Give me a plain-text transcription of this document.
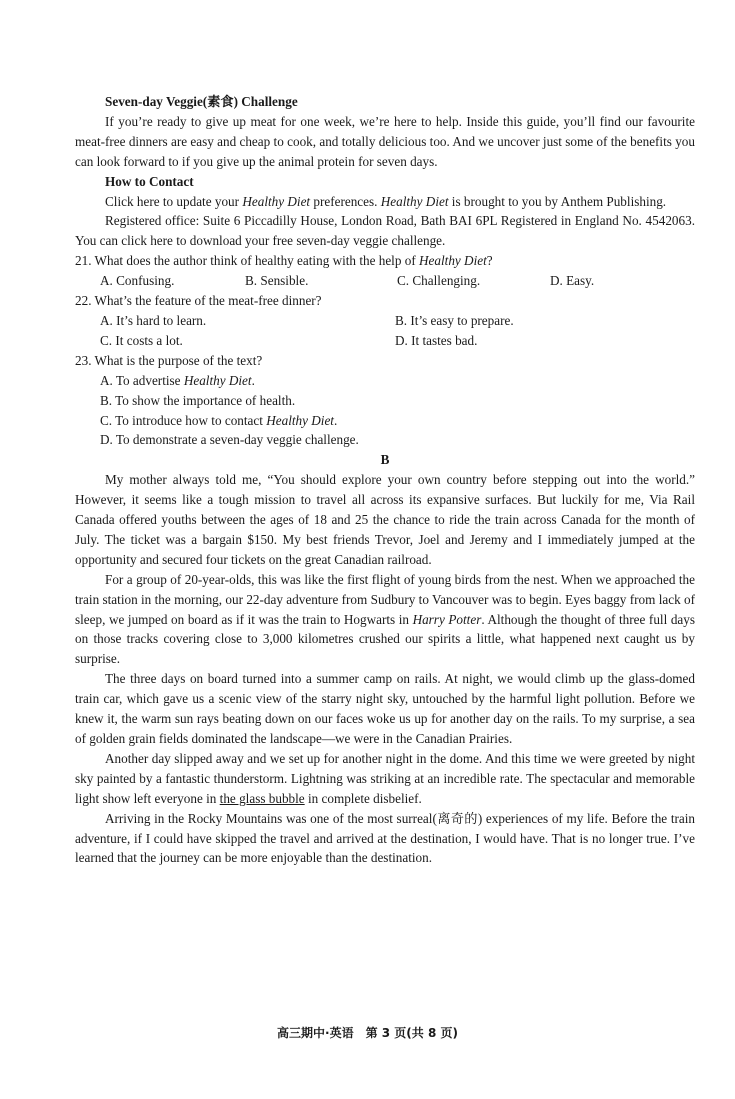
Seven-day Veggie(素食) Challenge

If you’re ready to give up meat for one week, we’re here to help. Inside this guide, you’ll find our favourite meat-free dinners are easy and cheap to cook, and totally delicious too. And we uncover just some of the benefits you can look forward to if you give up the animal protein for seven days.

How to Contact

Click here to update your Healthy Diet preferences. Healthy Diet is brought to you by Anthem Publishing.

Registered office: Suite 6 Piccadilly House, London Road, Bath BAI 6PL Registered in England No. 4542063. You can click here to download your free seven-day veggie challenge.

21. What does the author think of healthy eating with the help of Healthy Diet?

A. Confusing.	B. Sensible.	C. Challenging.	D. Easy.

22. What’s the feature of the meat-free dinner?

A. It’s hard to learn.	B. It’s easy to prepare.
C. It costs a lot.	D. It tastes bad.

23. What is the purpose of the text?

A. To advertise Healthy Diet.

B. To show the importance of health.

C. To introduce how to contact Healthy Diet.

D. To demonstrate a seven-day veggie challenge.

B

My mother always told me, “You should explore your own country before stepping out into the world.” However, it seems like a tough mission to travel all across its expansive surfaces. But luckily for me, Via Rail Canada offered youths between the ages of 18 and 25 the chance to ride the train across Canada for the month of July. The ticket was a bargain $150. My best friends Trevor, Joel and Jeremy and I immediately jumped at the opportunity and secured four tickets on the great Canadian railroad.

For a group of 20-year-olds, this was like the first flight of young birds from the nest. When we approached the train station in the morning, our 22-day adventure from Sudbury to Vancouver was to begin. Eyes baggy from lack of sleep, we jumped on board as if it was the train to Hogwarts in Harry Potter. Although the thought of three full days on those tracks covering close to 3,000 kilometres crushed our spirits a little, what happened next caught us by surprise.

The three days on board turned into a summer camp on rails. At night, we would climb up the glass-domed train car, which gave us a scenic view of the starry night sky, untouched by the harmful light pollution. Before we knew it, the warm sun rays beating down on our faces woke us up for another day on the rails. To my surprise, a sea of golden grain fields dominated the landscape—we were in the Canadian Prairies.

Another day slipped away and we set up for another night in the dome. And this time we were greeted by night sky painted by a fantastic thunderstorm. Lightning was striking at an incredible rate. The spectacular and memorable light show left everyone in the glass bubble in complete disbelief.

Arriving in the Rocky Mountains was one of the most surreal(离奇的) experiences of my life. Before the train adventure, if I could have skipped the travel and arrived at the destination, I would have. That is no longer true. I’ve learned that the journey can be more enjoyable than the destination.

高三期中·英语　第 3 页(共 8 页)
